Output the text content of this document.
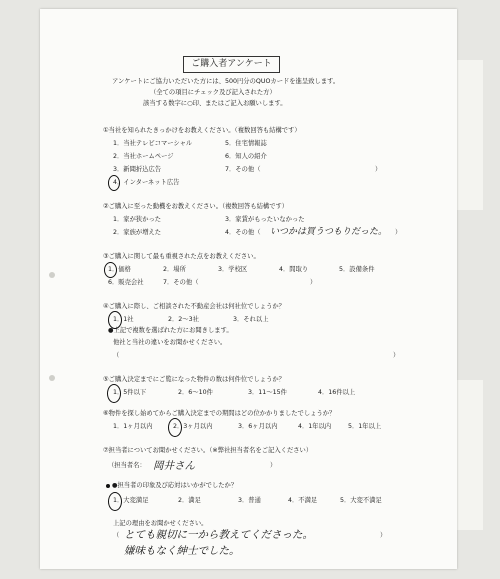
ご購入者アンケート
アンケートにご協力いただいた方には、500円分のQUOカードを進呈致します。
（全ての項目にチェック及び記入された方）
該当する数字に○印、またはご記入お願いします。
①当社を知られたきっかけをお教えください。（複数回答も結構です）
1．当社テレビコマーシャル	5．住宅情報誌
2．当社ホームページ	6．知人の紹介
3．新聞折込広告	7．その他（	）
4．インターネット広告
②ご購入に至った動機をお教えください。（複数回答も結構です）
1．家が狭かった	3．家賃がもったいなかった
2．家族が増えた	4．その他（ いつかは買うつもりだった。 ）
③ご購入に関して最も重視された点をお教えください。
1．価格	2．場所	3．学校区	4．間取り	5．設備条件
6．販売会社	7．その他（	）
④ご購入に際し、ご相談された不動産会社は何社位でしょうか？
1．1社	2．2～3社	3．それ以上
●上記で複数を選ばれた方にお聞きします。
他社と当社の違いをお聞かせください。
（	）
⑤ご購入決定までにご覧になった物件の数は何件位でしょうか？
1．5件以下	2．6～10件	3．11～15件	4．16件以上
⑥物件を探し始めてからご購入決定までの期間はどの位かかりましたでしょうか？
1．1ヶ月以内	2．3ヶ月以内	3．6ヶ月以内	4．1年以内	5．1年以上
⑦担当者についてお聞かせください。（※弊社担当者名をご記入ください）
（担当者名： 岡井さん	）
●担当者の印象及び応対はいかがでしたか？
1．大変満足	2．満足	3．普通	4．不満足	5．大変不満足
上記の理由をお聞かせください。
（ とても親切に一から教えてくださった。
嫌味もなく紳士でした。
）
